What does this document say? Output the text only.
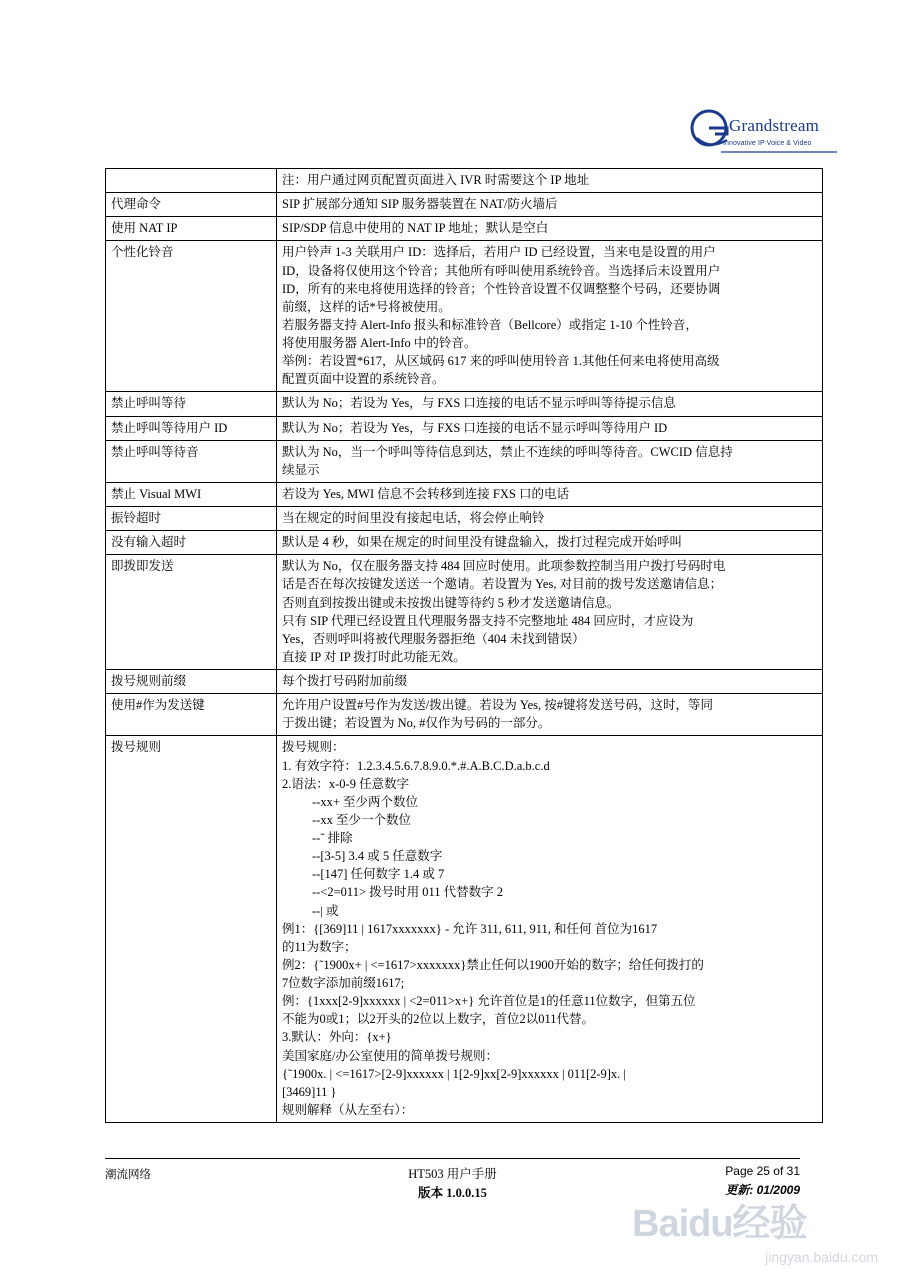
Grandstream
Innovative IP Voice & Video

	注：用户通过网页配置页面进入 IVR 时需要这个 IP 地址

代理命令	SIP 扩展部分通知 SIP 服务器装置在 NAT/防火墙后

使用 NAT IP	SIP/SDP 信息中使用的 NAT IP 地址；默认是空白

个性化铃音	用户铃声 1-3 关联用户 ID：选择后，若用户 ID 已经设置，当来电是设置的用户

ID，设备将仅使用这个铃音；其他所有呼叫使用系统铃音。当选择后未设置用户

ID，所有的来电将使用选择的铃音；个性铃音设置不仅调整整个号码，还要协调

前缀，这样的话*号将被使用。

若服务器支持 Alert-Info 报头和标准铃音（Bellcore）或指定 1-10 个性铃音，

将使用服务器 Alert-Info 中的铃音。

举例：若设置*617，从区域码 617 来的呼叫使用铃音 1.其他任何来电将使用高级

配置页面中设置的系统铃音。

禁止呼叫等待	默认为 No；若设为 Yes，与 FXS 口连接的电话不显示呼叫等待提示信息

禁止呼叫等待用户 ID	默认为 No；若设为 Yes，与 FXS 口连接的电话不显示呼叫等待用户 ID

禁止呼叫等待音	默认为 No，当一个呼叫等待信息到达，禁止不连续的呼叫等待音。CWCID 信息持

续显示

禁止 Visual MWI	若设为 Yes, MWI 信息不会转移到连接 FXS 口的电话

振铃超时	当在规定的时间里没有接起电话，将会停止响铃

没有输入超时	默认是 4 秒，如果在规定的时间里没有键盘输入，拨打过程完成开始呼叫

即拨即发送	默认为 No，仅在服务器支持 484 回应时使用。此项参数控制当用户拨打号码时电

话是否在每次按键发送送一个邀请。若设置为 Yes, 对目前的拨号发送邀请信息；

否则直到按拨出键或未按拨出键等待约 5 秒才发送邀请信息。

只有 SIP 代理已经设置且代理服务器支持不完整地址 484 回应时，才应设为

Yes，否则呼叫将被代理服务器拒绝（404 未找到错误）

直接 IP 对 IP 拨打时此功能无效。

拨号规则前缀	每个拨打号码附加前缀

使用#作为发送键	允许用户设置#号作为发送/拨出键。若设为 Yes, 按#键将发送号码，这时，等同

于拨出键；若设置为 No, #仅作为号码的一部分。

拨号规则	拨号规则：

1. 有效字符：1.2.3.4.5.6.7.8.9.0.*.#.A.B.C.D.a.b.c.d

2.语法：x-0-9 任意数字

--xx+ 至少两个数位

--xx 至少一个数位

--˜ 排除

--[3-5] 3.4 或 5 任意数字

--[147] 任何数字 1.4 或 7

--<2=011> 拨号时用 011 代替数字 2

--| 或

例1：{[369]11 | 1617xxxxxxx} - 允许 311, 611, 911, 和任何 首位为1617

的11为数字；

例2：{˜1900x+ | <=1617>xxxxxxx}禁止任何以1900开始的数字；给任何拨打的

7位数字添加前缀1617;

例：{1xxx[2-9]xxxxxx | <2=011>x+} 允许首位是1的任意11位数字，但第五位

不能为0或1；以2开头的2位以上数字，首位2以011代替。

3.默认：外向：{x+}

美国家庭/办公室使用的简单拨号规则：

{˜1900x. | <=1617>[2-9]xxxxxx | 1[2-9]xx[2-9]xxxxxx | 011[2-9]x. |

[3469]11 }

规则解释（从左至右）：

潮流网络	HT503 用户手册
版本 1.0.0.15
Page 25 of 31
更新: 01/2009
Baidu经验
jingyan.baidu.com
